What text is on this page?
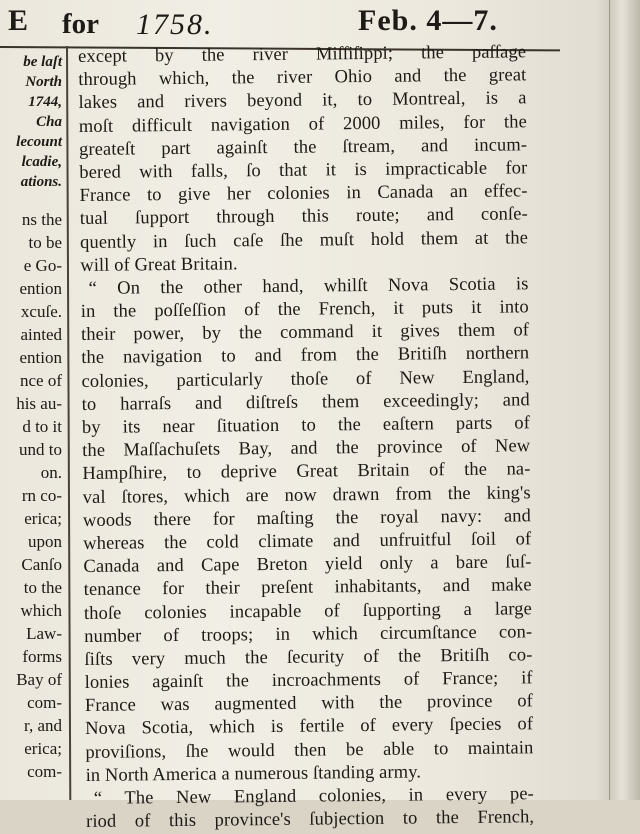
E for 1758.	Feb. 4—7.
be laſt
North
1744,
Cha
lecount
lcadie,
ations.
ns the
to be
e Go-
ention
xcuſe.
ainted
ention
nce of
his au-
d to it
und to
on.
rn co-
erica;
upon
Canſo
to the
which
Law-
forms
Bay of
com-
r, and
erica;
com-
except by the river Miſſiſippi; the paſſage
through which, the river Ohio and the great
lakes and rivers beyond it, to Montreal, is a
moſt difficult navigation of 2000 miles, for the
greateſt part againſt the ſtream, and incum-
bered with falls, ſo that it is impracticable for
France to give her colonies in Canada an effec-
tual ſupport through this route; and conſe-
quently in ſuch caſe ſhe muſt hold them at the
will of Great Britain.
“ On the other hand, whilſt Nova Scotia is
in the poſſeſſion of the French, it puts it into
their power, by the command it gives them of
the navigation to and from the Britiſh northern
colonies, particularly thoſe of New England,
to harraſs and diſtreſs them exceedingly; and
by its near ſituation to the eaſtern parts of
the Maſſachuſets Bay, and the province of New
Hampſhire, to deprive Great Britain of the na-
val ſtores, which are now drawn from the king's
woods there for maſting the royal navy: and
whereas the cold climate and unfruitful ſoil of
Canada and Cape Breton yield only a bare ſuſ-
tenance for their preſent inhabitants, and make
thoſe colonies incapable of ſupporting a large
number of troops; in which circumſtance con-
ſiſts very much the ſecurity of the Britiſh co-
lonies againſt the incroachments of France; if
France was augmented with the province of
Nova Scotia, which is fertile of every ſpecies of
proviſions, ſhe would then be able to maintain
in North America a numerous ſtanding army.
“ The New England colonies, in every pe-
riod of this province's ſubjection to the French,
